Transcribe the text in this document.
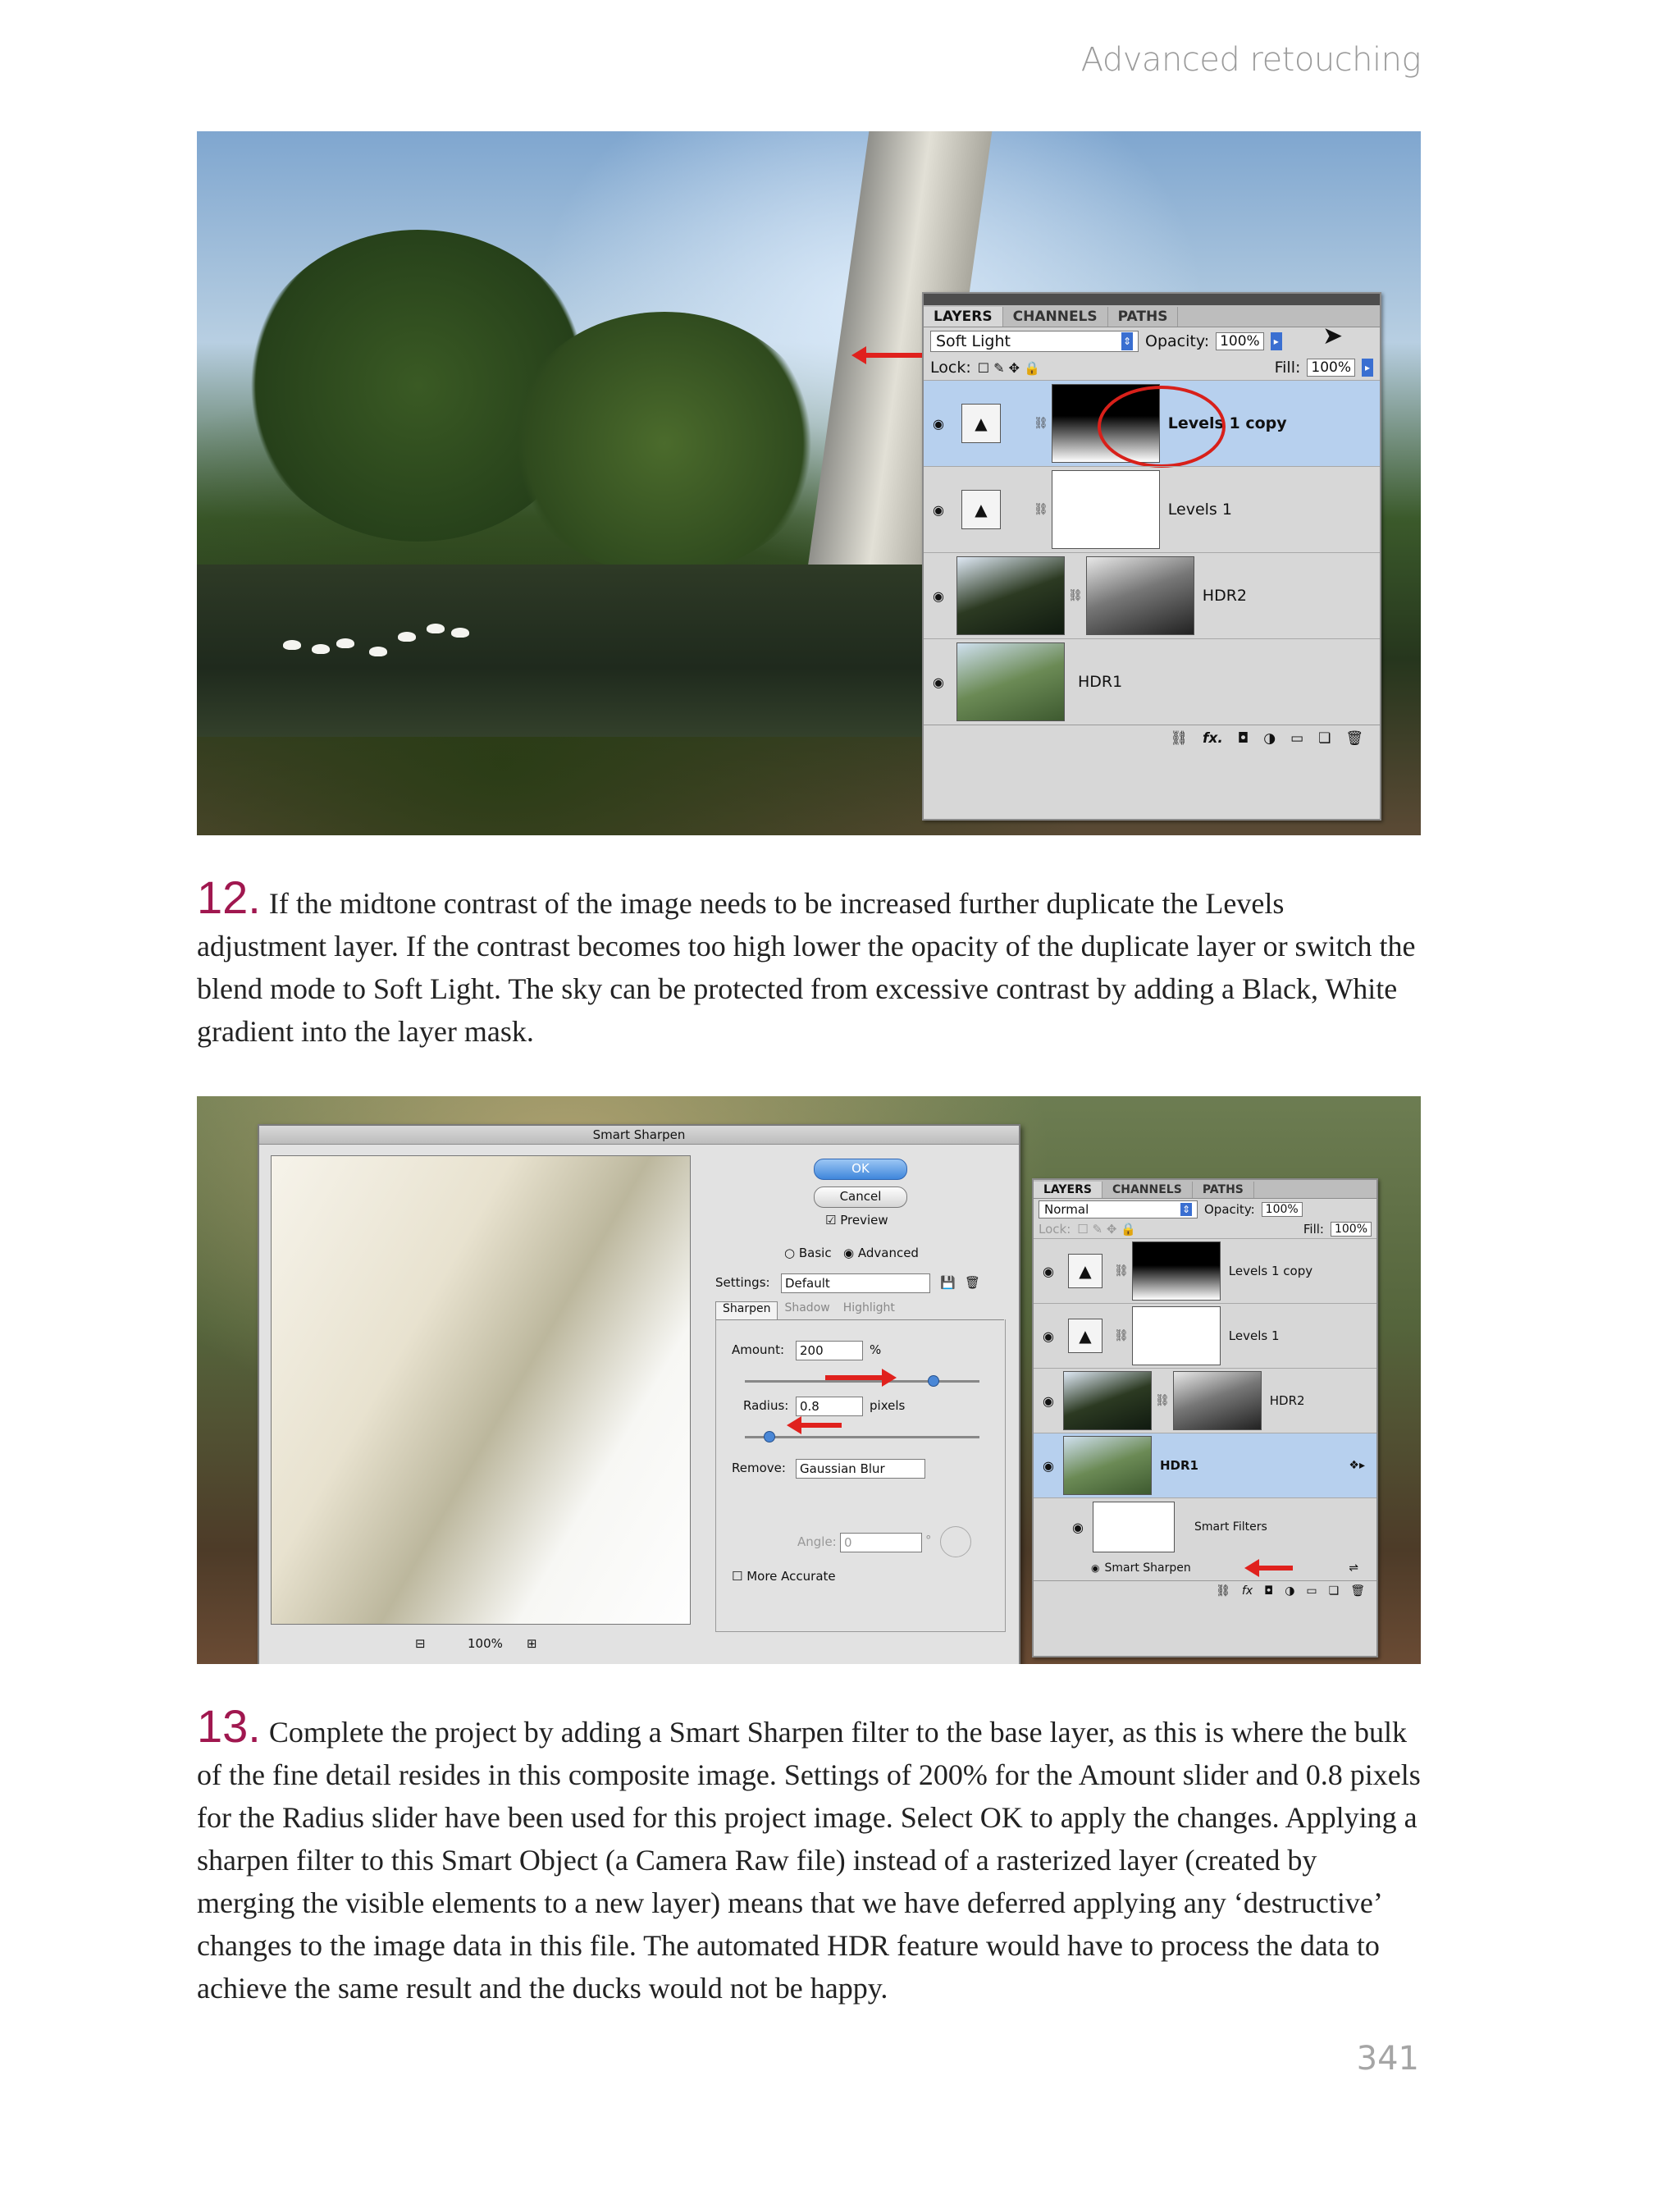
Advanced retouching
LAYERS	CHANNELS	PATHS
Soft Light	⇕ Opacity: 100%	▸
Lock: ☐ ✎ ✥ 🔒	Fill: 100%	▸
◉	▲	⛓	Levels 1 copy
◉	▲	⛓	Levels 1
◉	⛓	HDR2
◉	HDR1
⛓ fx. ◘ ◑ ▭ ❏ 🗑
➤
12. If the midtone contrast of the image needs to be increased further duplicate the Levels adjustment layer. If the contrast becomes too high lower the opacity of the duplicate layer or switch the blend mode to Soft Light. The sky can be protected from excessive contrast by adding a Black, White gradient into the layer mask.
Smart Sharpen
⊟	100% ⊞
OK
Cancel
☑ Preview
○ Basic ◉ Advanced
Settings:	Default	💾 🗑
Sharpen	Shadow	Highlight
Amount:	200	%
Radius: 0.8	pixels
Remove:	Gaussian Blur
Angle: 0	°
☐ More Accurate
LAYERS	CHANNELS	PATHS
Normal	⇕ Opacity: 100%
Lock: ☐ ✎ ✥ 🔒	Fill: 100%
◉	▲	⛓	Levels 1 copy
◉	▲	⛓	Levels 1
◉	⛓	HDR2
◉	HDR1	❖▸
◉	Smart Filters
◉ Smart Sharpen	⇌
⛓ fx ◘ ◑ ▭ ❏ 🗑
13. Complete the project by adding a Smart Sharpen filter to the base layer, as this is where the bulk of the fine detail resides in this composite image. Settings of 200% for the Amount slider and 0.8 pixels for the Radius slider have been used for this project image. Select OK to apply the changes. Applying a sharpen filter to this Smart Object (a Camera Raw file) instead of a rasterized layer (created by merging the visible elements to a new layer) means that we have deferred applying any ‘destructive’ changes to the image data in this file. The automated HDR feature would have to process the data to achieve the same result and the ducks would not be happy.
341
